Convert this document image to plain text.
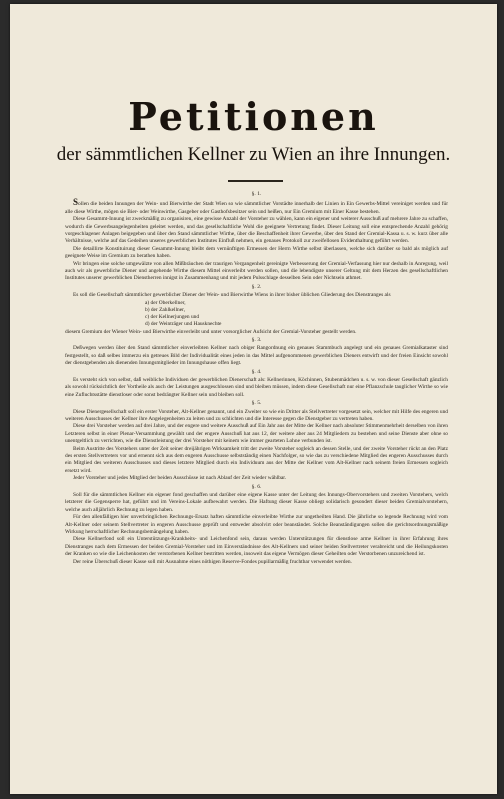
Petitionen
der sämmtlichen Kellner zu Wien an ihre Innungen.
§. 1.

Sollen die beiden Innungen der Wein- und Bierwirthe der Stadt Wien so wie sämmtlicher Vorstädte innerhalb der Linien in Ein Gewerbs-Mittel vereiniget werden und für alle diese Wirthe, mögen sie Bier- oder Weinwirthe, Gasgeber oder Gasthofsbesitzer sein und heißen, nur Ein Gremium mit Einer Kasse bestehen.

Diese Gesammt-Innung ist zweckmäßig zu organisiren, eine gewisse Anzahl der Vorsteher zu wählen, kann ein eigener und weiterer Ausschuß auf mehrere Jahre zu schaffen, wodurch die Gewerbsangelegenheiten geleitet werden, und das gesellschaftliche Wohl die geeignete Vertretung findet. Dieser Leitung soll eine entsprechende Anzahl gehörig vorgeschlagener Anlagen beigegeben und über den Stand sämmtlicher Wirthe, über die Beschaffenheit ihrer Gewerbe, über den Stand der Gremial-Kassa u. s. w. kurz über alle Verhältnisse, welche auf das Gedeihen unseres gewerblichen Institutes Einfluß nehmen, ein genaues Protokoll zur zweifellosen Evidenthaltung geführt werden.

Die detaillirte Konstituirung dieser Gesammt-Innung bleibt dem vernünftigen Ermessen der Herrn Wirthe selbst überlassen, welche sich darüber so bald als möglich auf geeignete Weise im Gremium zu berathen haben.

Wir bringen eine solche umgewälzte von allen Mißbräuchen der traurigen Vergangenheit gereinigte Verbesserung der Gremial-Verfassung hier nur deshalb in Anregung, weil auch wir als gewerbliche Diener und angehende Wirthe diesem Mittel einverleibt werden sollen, und die lebendigste unserer Geltung mit dem Herzen des gesellschaftlichen Institutes unserer gewerblichen Dienstherren innigst in Zusammenhang und mit jedem Pulsschlage desselben Sein oder Nichtsein athmet.

§. 2.

Es soll die Gesellschaft sämmtlicher gewerblicher Diener der Wein- und Bierwirthe Wiens in ihrer bisher üblichen Gliederung des Dienstranges als

a) der Oberkellner,
b) der Zahlkellner,
c) der Kellnerjungen und
d) der Weinträger und Hausknechte

diesem Gremium der Wiener Wein- und Bierwirthe einverleibt und unter vorsorglicher Aufsicht der Gremial-Vorsteher gestellt werden.

§. 3.

Deßwegen werden über den Stand sämmtlicher einverleibten Kellner nach obiger Rangordnung ein genaues Stammbuch angelegt und ein genaues Gremialkataster sind festgestellt, so daß selbes immerzu ein getreues Bild der Individualität eines jeden in das Mittel aufgenommenen gewerblichen Dieners entwirft und der freien Einsicht sowohl der dienstgebenden als dienenden Innungsmitglieder im Innungshause offen liegt.

§. 4.

Es versteht sich von selbst, daß weibliche Individuen der gewerblichen Dienerschaft als: Kellnerinnen, Köchinnen, Stubenmädchen u. s. w. von dieser Gesellschaft gänzlich als sowohl rücksichtlich der Vortheile als auch der Leistungen ausgeschlossen sind und bleiben müssen, indem diese Gesellschaft nur eine Pflanzschule tauglicher Wirthe so wie eine Zufluchtsstätte dienstloser oder sonst bedrängter Kellner sein und bleiben soll.

§. 5.

Diese Dienergesellschaft soll ein erster Vorsteher, Alt-Kellner genannt, und ein Zweiter so wie ein Dritter als Stellvertreter vorgesetzt sein, welcher mit Hilfe des engeren und weiteren Ausschusses der Kellner ihre Angelegenheiten zu leiten und zu schlichten und die Interesse gegen die Dienstgeber zu vertreten haben.

Diese drei Vorsteher werden auf drei Jahre, und der engere und weitere Ausschuß auf Ein Jahr aus der Mitte der Kellner nach absoluter Stimmenmehrheit derselben von ihren Letzteren selbst in einer Plenar-Versammlung gewählt und der engere Ausschuß hat aus 12, der weitere aber aus 24 Mitgliedern zu bestehen und seine Dienste aber ohne so unentgeltlich zu verrichten, wie die Dienstleistung der drei Vorsteher mit keinem wie immer gearteten Lohne verbunden ist.

Beim Austritte des Vorstehers unter der Zeit seiner dreijährigen Wirksamkeit tritt der zweite Vorsteher sogleich an dessen Stelle, und der zweite Vorsteher rückt an den Platz des ersten Stellvertreters vor und ernennt sich aus dem engeren Ausschusse selbstständig einen Nachfolger, so wie das zu verschiedene Mitglied des engeren Ausschusses durch ein Mitglied des weiteren Ausschusses und dieses letztere Mitglied durch ein Individuum aus der Mitte der Kellner vom Alt-Kellner nach seinem freien Ermessen sogleich ersetzt wird.

Jeder Vorsteher und jedes Mitglied der beiden Ausschüsse ist nach Ablauf der Zeit wieder wählbar.

§. 6.

Soll für die sämmtlichen Kellner ein eigener fond geschaffen und darüber eine eigene Kasse unter der Leitung des Innungs-Obervorstehers und zweiten Vorstehers, welch letzterer die Gegensperre hat, geführt und im Vereins-Lokale aufbewahrt werden. Die Haftung dieser Kasse obliegt solidarisch gesondert dieser beiden Gremialvorstehern, welche auch alljährlich Rechnung zu legen haben.

Für den allenfälligen hier unverbringlichen Rechnungs-Ersatz haften sämmtliche einverleibte Wirthe zur ungetheilten Hand. Die jährliche so legende Rechnung wird vom Alt-Kellner oder seinem Stellvertreter in engeren Ausschusse geprüft und entweder absolvirt oder beanständet. Solche Beanständigungen sollen die gerichtsordnungsmäßige Wirkung herrschaftlicher Rechnungsbemängelung haben.

Diese Kellnerfond soll ein Unterstützungs-Krankheits- und Leichenfond sein, daraus werden Unterstützungen für dienstlose arme Kellner in ihrer Erfahrung ihres Dienstranges nach dem Ermessen der beiden Gremial-Vorsteher und im Einverständnisse des Alt-Kellners und seiner beiden Stellvertreter verabreicht und die Heilungskosten der Kranken so wie die Leichenkosten der verstorbenen Kellner bestritten werden, insoweit das eigene Vermögen dieser Geheilten oder Verstorbenen unzureichend ist.

Der reine Überschuß dieser Kasse soll mit Ausnahme eines nöthigen Reserve-Fondes pupillarmäßig fruchtbar verwendet werden.
